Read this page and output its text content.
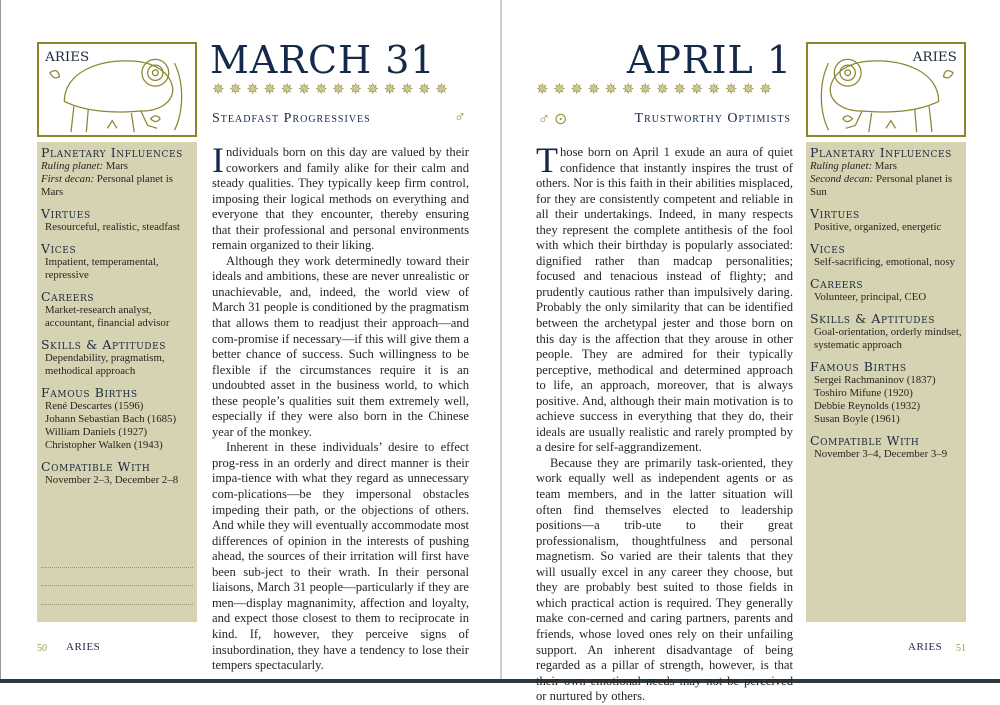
ARIES	MARCH 31
✵✵✵✵✵✵✵✵✵✵✵✵✵✵
Steadfast Progressives	♂
Planetary Influences
Ruling planet: Mars
First decan: Personal planet is Mars
Virtues
Resourceful, realistic, steadfast
Vices
Impatient, temperamental, repressive
Careers
Market-research analyst, accountant, financial advisor
Skills & Aptitudes
Dependability, pragmatism, methodical approach
Famous Births
René Descartes (1596)
Johann Sebastian Bach (1685)
William Daniels (1927)
Christopher Walken (1943)
Compatible With
November 2–3, December 2–8

Individuals born on this day are valued by their coworkers and family alike for their calm and steady qualities. They typically keep firm control, imposing their logical methods on everything and everyone that they encounter, thereby ensuring that their professional and personal environments remain organized to their liking.

Although they work determinedly toward their ideals and ambitions, these are never unrealistic or unachievable, and, indeed, the world view of March 31 people is conditioned by the pragmatism that allows them to readjust their approach—and com-promise if necessary—if this will give them a better chance of success. Such willingness to be flexible if the circumstances require it is an undoubted asset in the business world, to which these people’s qualities suit them extremely well, especially if they were also born in the Chinese year of the monkey.

Inherent in these individuals’ desire to effect prog-ress in an orderly and direct manner is their impa-tience with what they regard as unnecessary com-plications—be they impersonal obstacles impeding their path, or the objections of others. And while they will eventually accommodate most differences of opinion in the interests of pushing ahead, the sources of their irritation will first have been sub-ject to their wrath. In their personal liaisons, March 31 people—particularly if they are men—display magnanimity, affection and loyalty, and expect those closest to them to reciprocate in kind. If, however, they perceive signs of insubordination, they have a tendency to lose their tempers spectacularly.

50 ARIES
ARIES
APRIL 1
✵✵✵✵✵✵✵✵✵✵✵✵✵✵
Trustworthy Optimists
♂ ⊙
Planetary Influences
Ruling planet: Mars
Second decan: Personal planet is Sun
Virtues
Positive, organized, energetic
Vices
Self-sacrificing, emotional, nosy
Careers
Volunteer, principal, CEO
Skills & Aptitudes
Goal-orientation, orderly mindset, systematic approach
Famous Births
Sergei Rachmaninov (1837)
Toshiro Mifune (1920)
Debbie Reynolds (1932)
Susan Boyle (1961)
Compatible With
November 3–4, December 3–9

Those born on April 1 exude an aura of quiet confidence that instantly inspires the trust of others. Nor is this faith in their abilities misplaced, for they are consistently competent and reliable in all their undertakings. Indeed, in many respects they represent the complete antithesis of the fool with which their birthday is popularly associated: dignified rather than madcap personalities; focused and tenacious instead of flighty; and prudently cautious rather than impulsively daring. Probably the only similarity that can be identified between the archetypal jester and those born on this day is the affection that they arouse in other people. They are admired for their typically perceptive, methodical and determined approach to life, an approach, moreover, that is always positive. And, although their main motivation is to achieve success in everything that they do, their ideals are usually realistic and rarely prompted by a desire for self-aggrandizement.

Because they are primarily task-oriented, they work equally well as independent agents or as team members, and in the latter situation will often find themselves elected to leadership positions—a trib-ute to their great professionalism, thoughtfulness and personal magnetism. So varied are their talents that they will usually excel in any career they choose, but they are probably best suited to those fields in which practical action is required. They generally make con-cerned and caring partners, parents and friends, whose loved ones rely on their unfailing support. An inherent disadvantage of being regarded as a pillar of strength, however, is that their own emotional needs may not be perceived or nurtured by others.

ARIES 51
